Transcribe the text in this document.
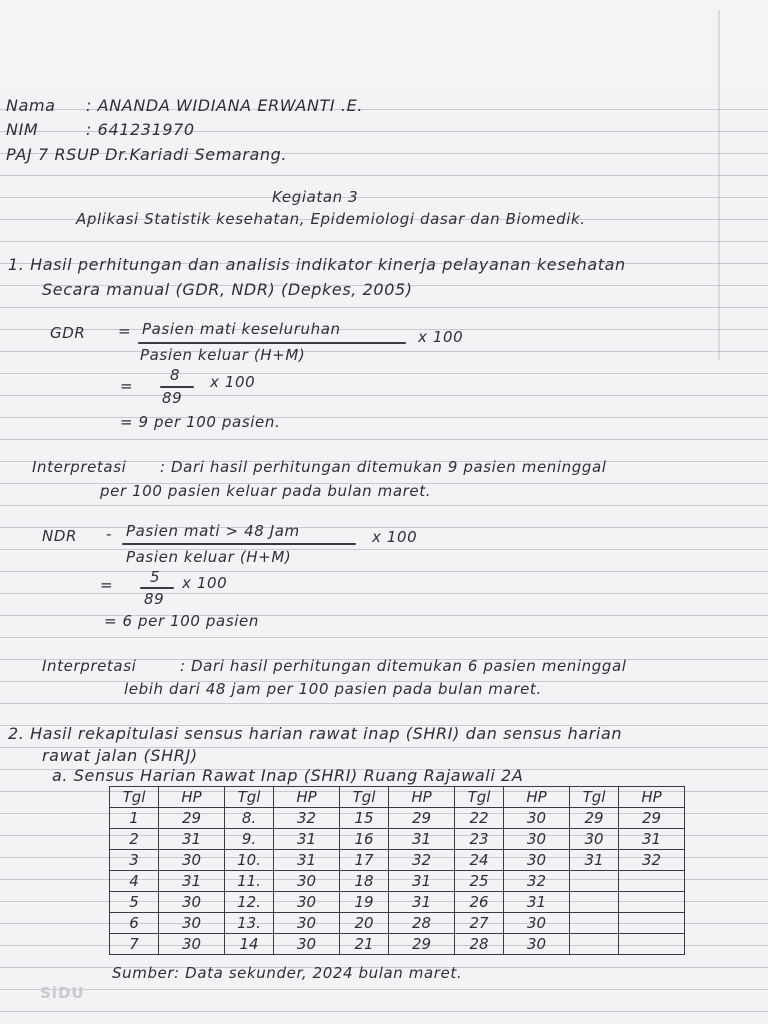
Nama : ANANDA WIDIANA ERWANTI .E.
NIM	: 641231970
PAJ 7 RSUP Dr.Kariadi Semarang.
Kegiatan 3
Aplikasi Statistik kesehatan, Epidemiologi dasar dan Biomedik.
1. Hasil perhitungan dan analisis indikator kinerja pelayanan kesehatan
Secara manual (GDR, NDR) (Depkes, 2005)
GDR = Pasien mati keseluruhan	x 100
Pasien keluar (H+M)
=
8
89
x 100
= 9 per 100 pasien.
Interpretasi : Dari hasil perhitungan ditemukan 9 pasien meninggal
per 100 pasien keluar pada bulan maret.
NDR - Pasien mati > 48 Jam	x 100
Pasien keluar (H+M)
= 5
89
x 100
= 6 per 100 pasien
Interpretasi	: Dari hasil perhitungan ditemukan 6 pasien meninggal
lebih dari 48 jam per 100 pasien pada bulan maret.
2. Hasil rekapitulasi sensus harian rawat inap (SHRI) dan sensus harian
rawat jalan (SHRJ)
a. Sensus Harian Rawat Inap (SHRI) Ruang Rajawali 2A
Tgl	HP	Tgl	HP	Tgl	HP	Tgl	HP	Tgl	HP
1	29	8.	32	15	29	22	30	29	29
2	31	9.	31	16	31	23	30	30	31
3	30	10.	31	17	32	24	30	31	32
4	31	11.	30	18	31	25	32		
5	30	12.	30	19	31	26	31		
6	30	13.	30	20	28	27	30		
7	30	14	30	21	29	28	30		
Sumber: Data sekunder, 2024 bulan maret.
SiDU
